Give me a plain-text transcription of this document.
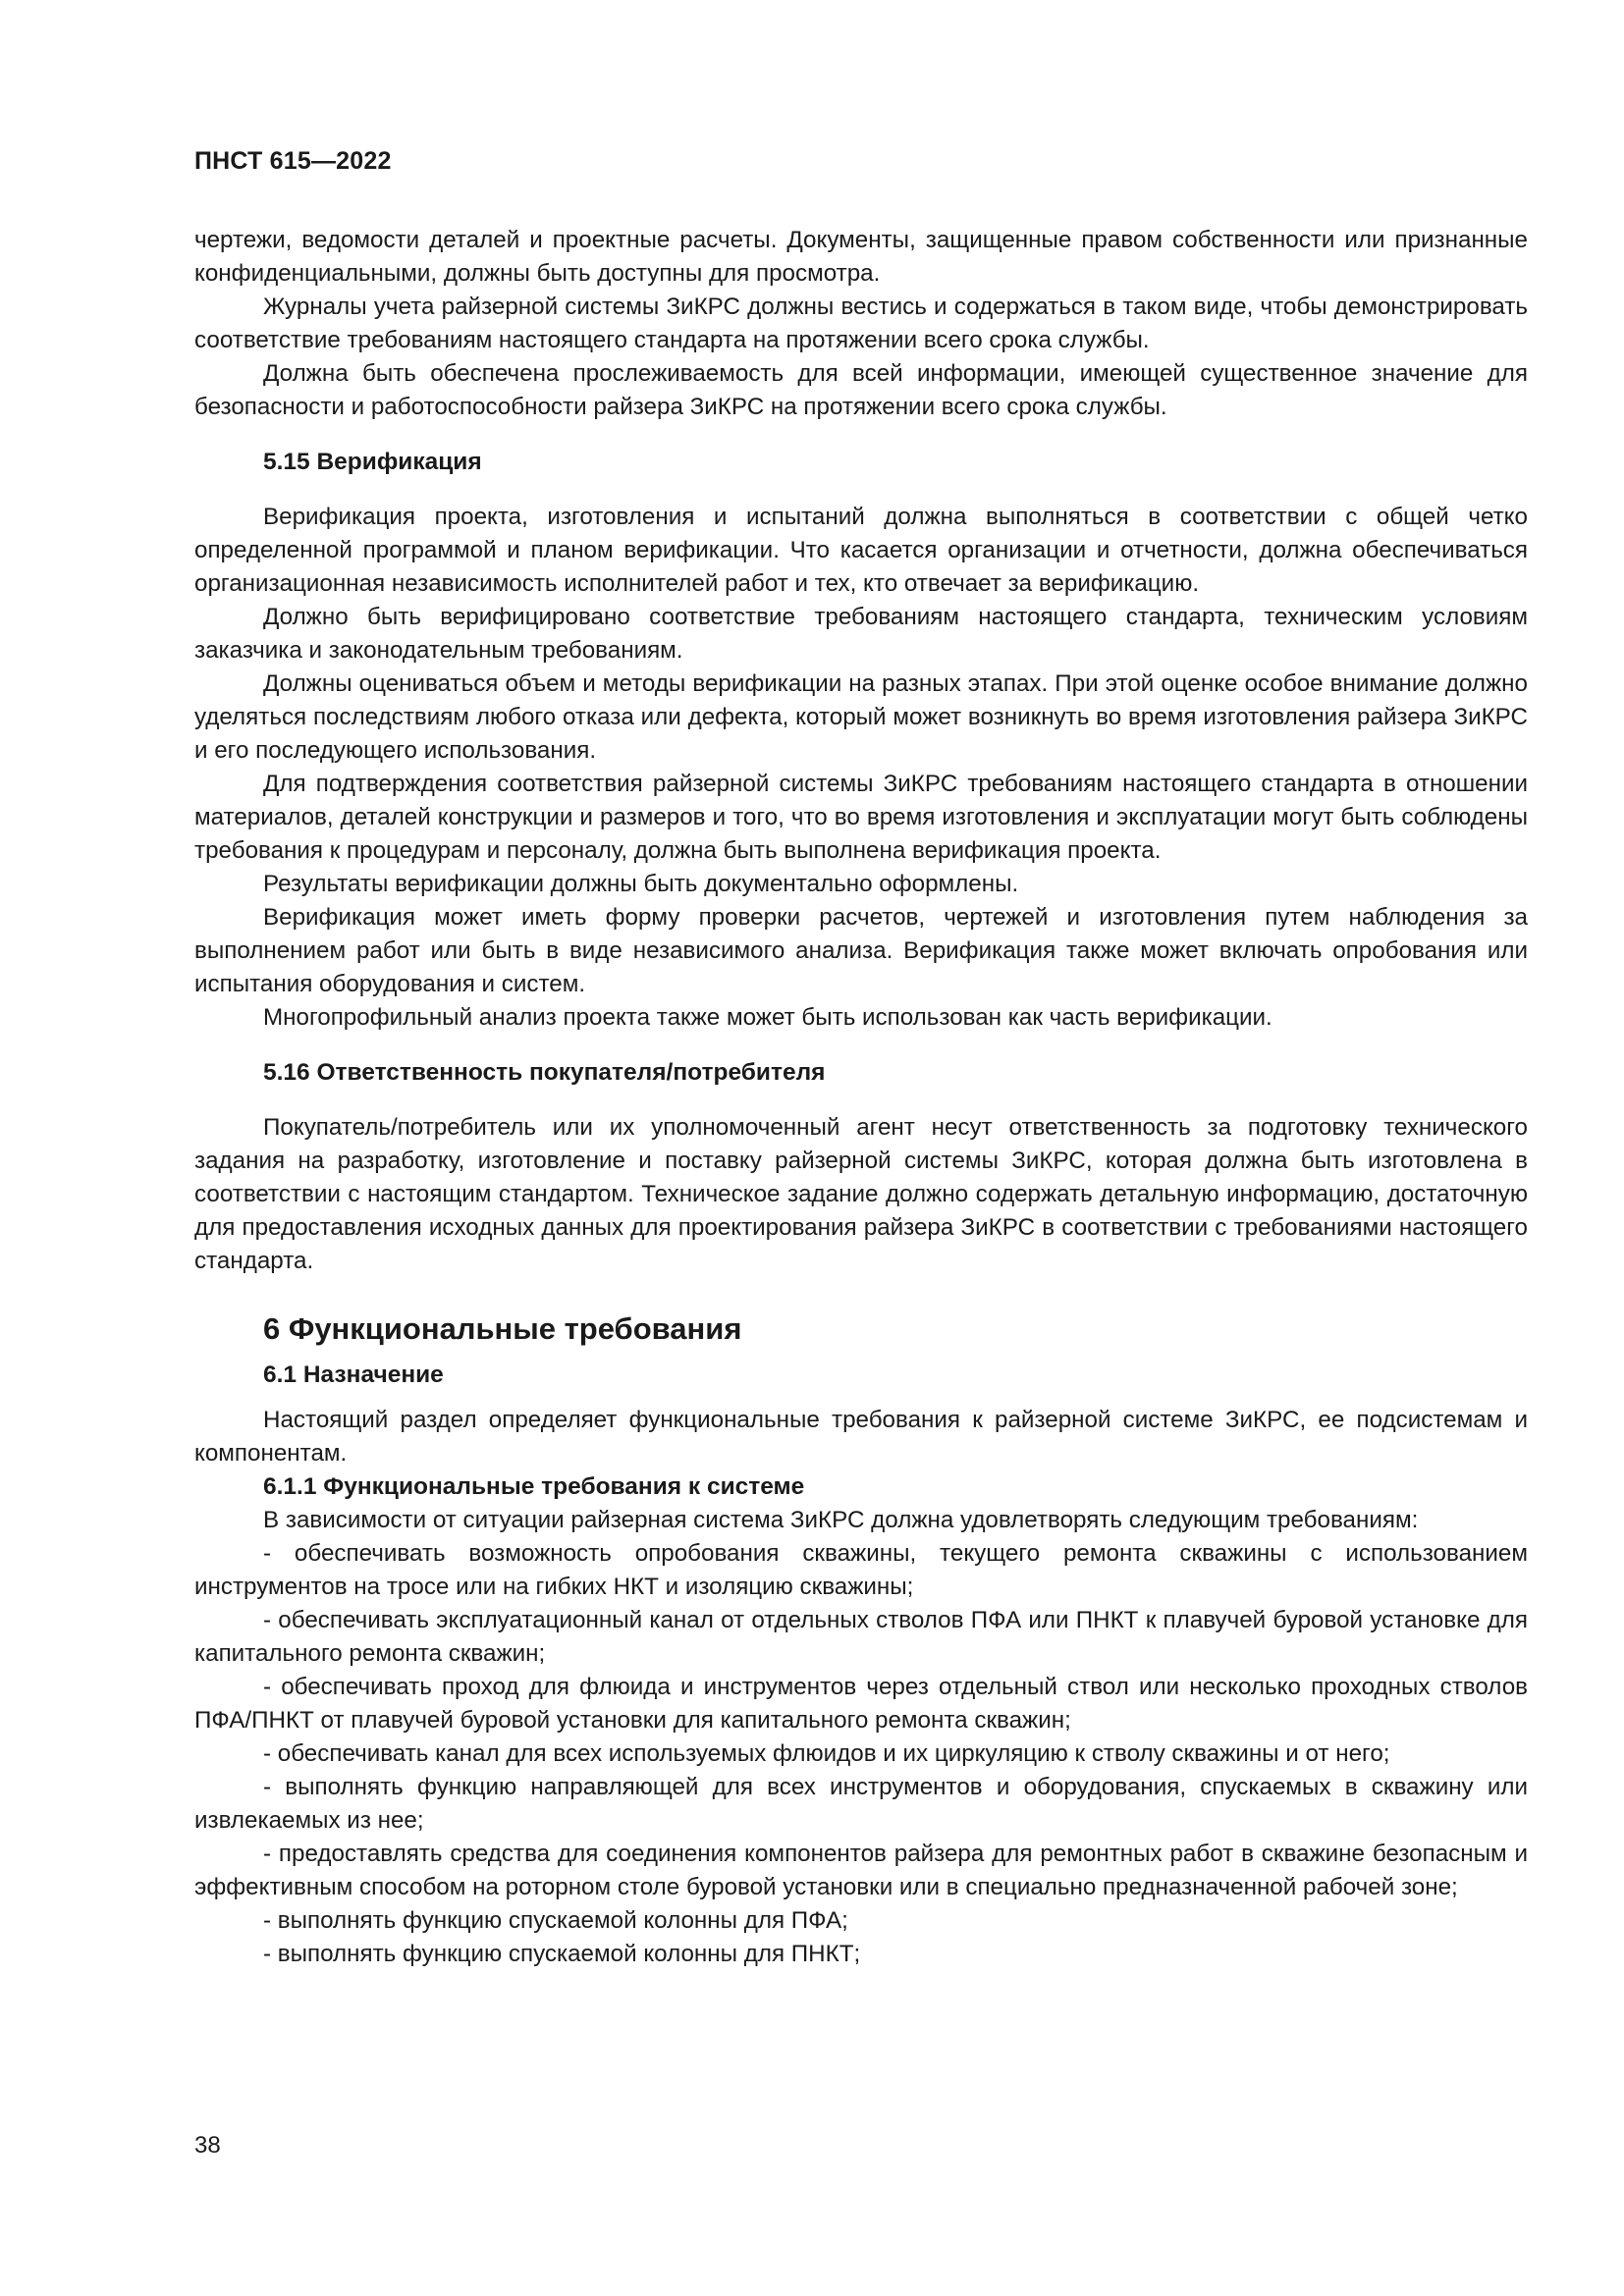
ПНСТ 615—2022

чертежи, ведомости деталей и проектные расчеты. Документы, защищенные правом собственности или признанные конфиденциальными, должны быть доступны для просмотра.

Журналы учета райзерной системы ЗиКРС должны вестись и содержаться в таком виде, чтобы демонстрировать соответствие требованиям настоящего стандарта на протяжении всего срока службы.

Должна быть обеспечена прослеживаемость для всей информации, имеющей существенное значение для безопасности и работоспособности райзера ЗиКРС на протяжении всего срока службы.

5.15 Верификация

Верификация проекта, изготовления и испытаний должна выполняться в соответствии с общей четко определенной программой и планом верификации. Что касается организации и отчетности, должна обеспечиваться организационная независимость исполнителей работ и тех, кто отвечает за верификацию.

Должно быть верифицировано соответствие требованиям настоящего стандарта, техническим условиям заказчика и законодательным требованиям.

Должны оцениваться объем и методы верификации на разных этапах. При этой оценке особое внимание должно уделяться последствиям любого отказа или дефекта, который может возникнуть во время изготовления райзера ЗиКРС и его последующего использования.

Для подтверждения соответствия райзерной системы ЗиКРС требованиям настоящего стандарта в отношении материалов, деталей конструкции и размеров и того, что во время изготовления и эксплуатации могут быть соблюдены требования к процедурам и персоналу, должна быть выполнена верификация проекта.

Результаты верификации должны быть документально оформлены.

Верификация может иметь форму проверки расчетов, чертежей и изготовления путем наблюдения за выполнением работ или быть в виде независимого анализа. Верификация также может включать опробования или испытания оборудования и систем.

Многопрофильный анализ проекта также может быть использован как часть верификации.

5.16 Ответственность покупателя/потребителя

Покупатель/потребитель или их уполномоченный агент несут ответственность за подготовку технического задания на разработку, изготовление и поставку райзерной системы ЗиКРС, которая должна быть изготовлена в соответствии с настоящим стандартом. Техническое задание должно содержать детальную информацию, достаточную для предоставления исходных данных для проектирования райзера ЗиКРС в соответствии с требованиями настоящего стандарта.

6 Функциональные требования
6.1 Назначение

Настоящий раздел определяет функциональные требования к райзерной системе ЗиКРС, ее подсистемам и компонентам.

6.1.1 Функциональные требования к системе

В зависимости от ситуации райзерная система ЗиКРС должна удовлетворять следующим требованиям:

- обеспечивать возможность опробования скважины, текущего ремонта скважины с использованием инструментов на тросе или на гибких НКТ и изоляцию скважины;

- обеспечивать эксплуатационный канал от отдельных стволов ПФА или ПНКТ к плавучей буровой установке для капитального ремонта скважин;

- обеспечивать проход для флюида и инструментов через отдельный ствол или несколько проходных стволов ПФА/ПНКТ от плавучей буровой установки для капитального ремонта скважин;

- обеспечивать канал для всех используемых флюидов и их циркуляцию к стволу скважины и от него;

- выполнять функцию направляющей для всех инструментов и оборудования, спускаемых в скважину или извлекаемых из нее;

- предоставлять средства для соединения компонентов райзера для ремонтных работ в скважине безопасным и эффективным способом на роторном столе буровой установки или в специально предназначенной рабочей зоне;

- выполнять функцию спускаемой колонны для ПФА;

- выполнять функцию спускаемой колонны для ПНКТ;

38
